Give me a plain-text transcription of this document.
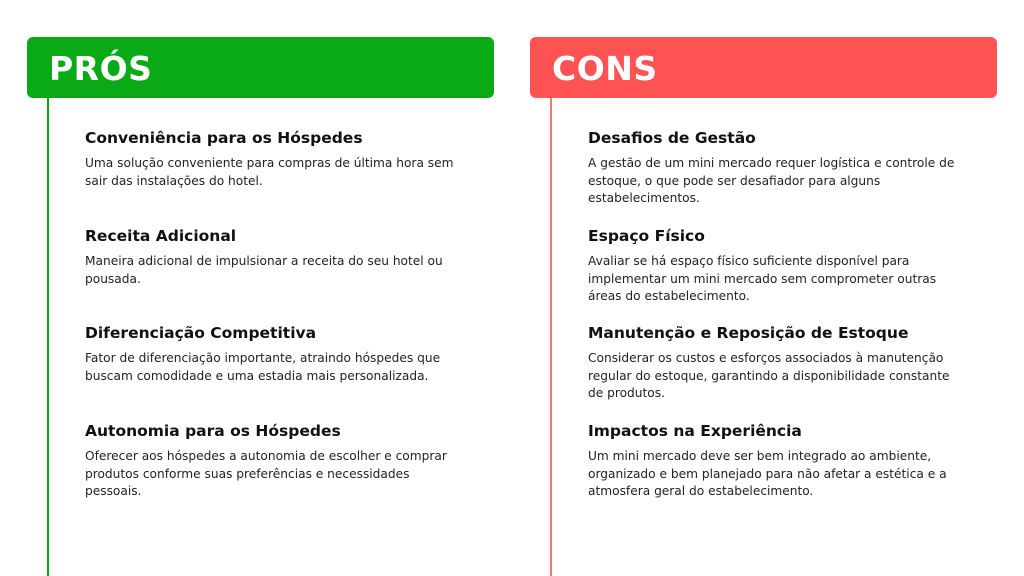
PRÓS
Conveniência para os Hóspedes
Uma solução conveniente para compras de última hora sem sair das instalações do hotel.
Receita Adicional
Maneira adicional de impulsionar a receita do seu hotel ou pousada.
Diferenciação Competitiva
Fator de diferenciação importante, atraindo hóspedes que buscam comodidade e uma estadia mais personalizada.
Autonomia para os Hóspedes
Oferecer aos hóspedes a autonomia de escolher e comprar produtos conforme suas preferências e necessidades pessoais.
CONS
Desafios de Gestão
A gestão de um mini mercado requer logística e controle de estoque, o que pode ser desafiador para alguns estabelecimentos.
Espaço Físico
Avaliar se há espaço físico suficiente disponível para implementar um mini mercado sem comprometer outras áreas do estabelecimento.
Manutenção e Reposição de Estoque
Considerar os custos e esforços associados à manutenção regular do estoque, garantindo a disponibilidade constante de produtos.
Impactos na Experiência
Um mini mercado deve ser bem integrado ao ambiente, organizado e bem planejado para não afetar a estética e a atmosfera geral do estabelecimento.
